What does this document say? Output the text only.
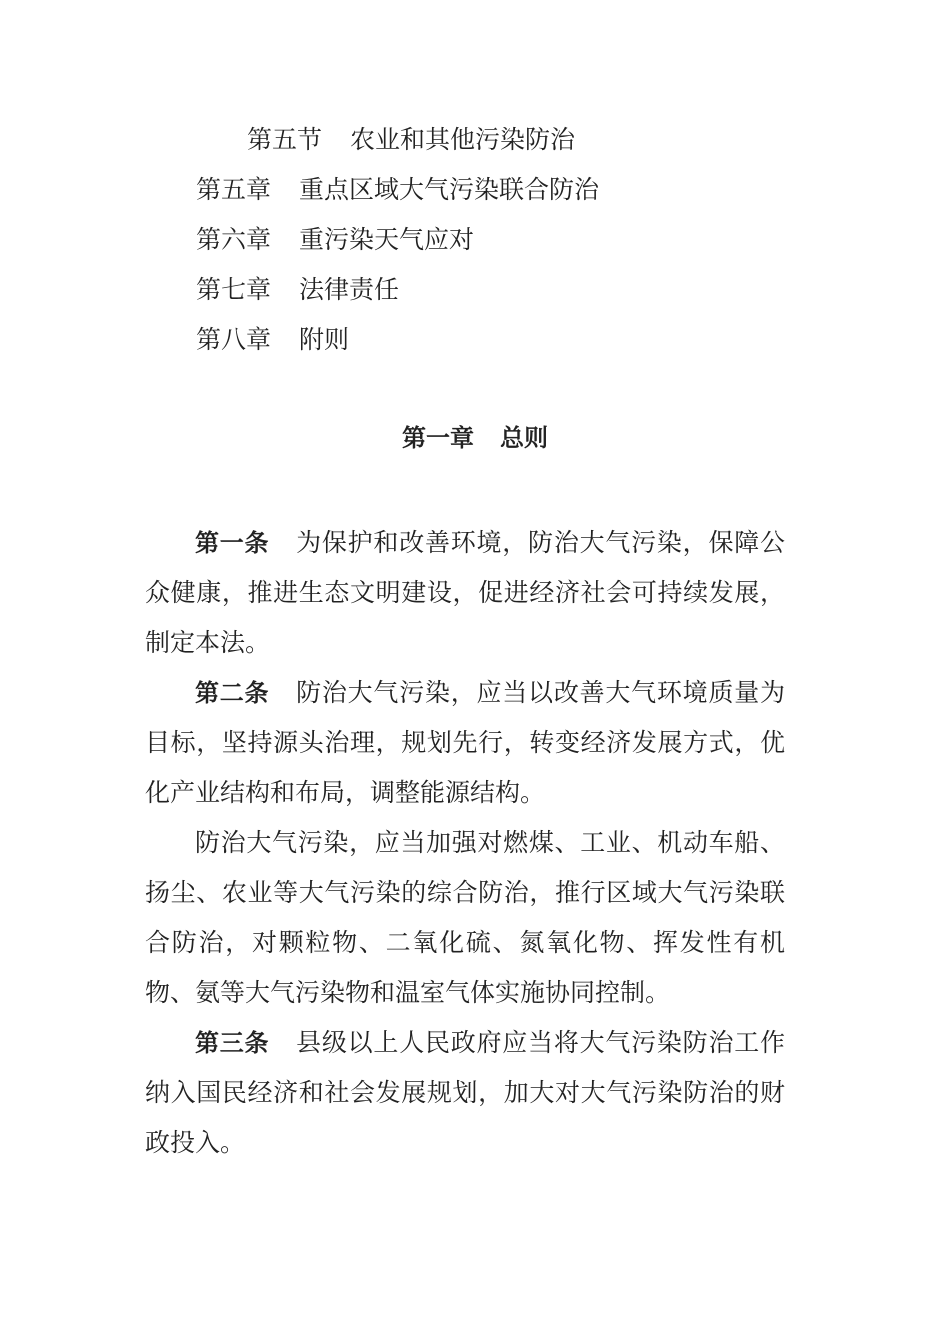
第五节 农业和其他污染防治
第五章 重点区域大气污染联合防治
第六章 重污染天气应对
第七章 法律责任
第八章 附则
第一章 总则

第一条 为保护和改善环境，防治大气污染，保障公众健康，推进生态文明建设，促进经济社会可持续发展，制定本法。

第二条 防治大气污染，应当以改善大气环境质量为目标，坚持源头治理，规划先行，转变经济发展方式，优化产业结构和布局，调整能源结构。

防治大气污染，应当加强对燃煤、工业、机动车船、扬尘、农业等大气污染的综合防治，推行区域大气污染联合防治，对颗粒物、二氧化硫、氮氧化物、挥发性有机物、氨等大气污染物和温室气体实施协同控制。

第三条 县级以上人民政府应当将大气污染防治工作纳入国民经济和社会发展规划，加大对大气污染防治的财政投入。
